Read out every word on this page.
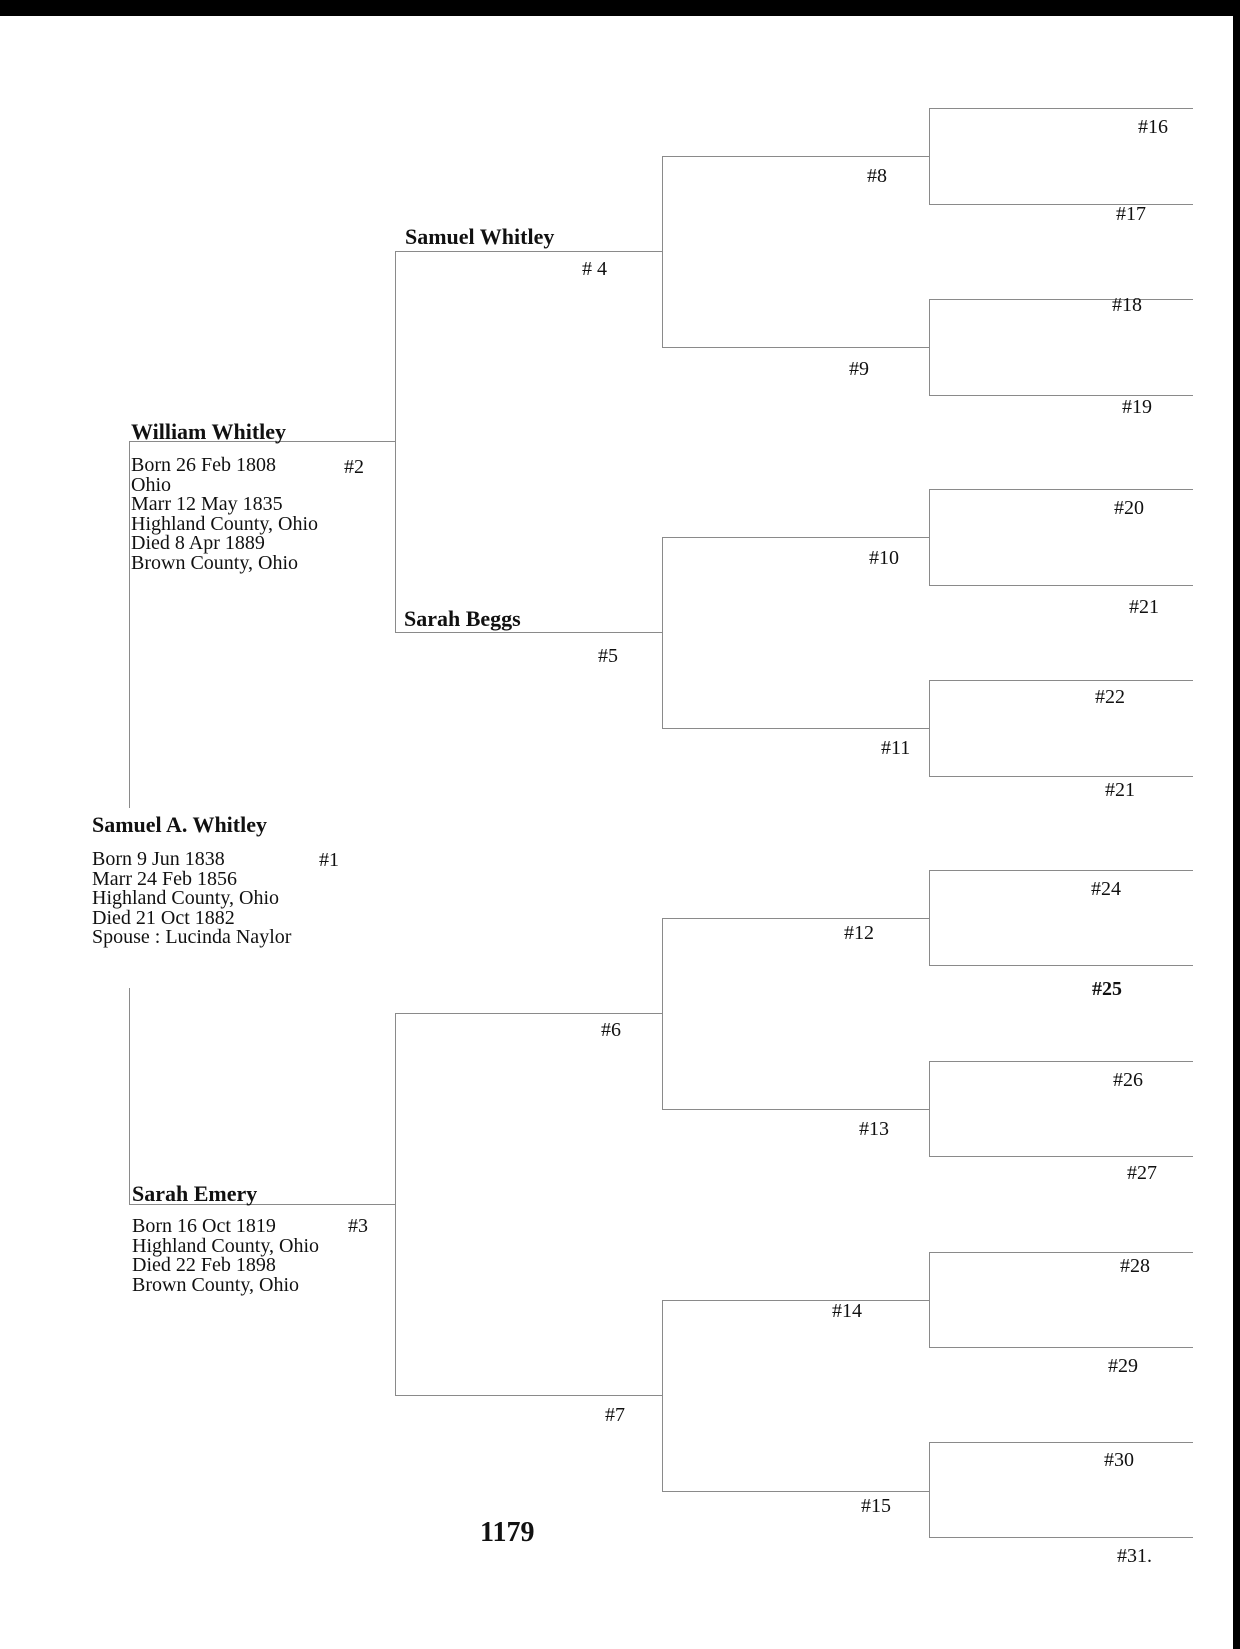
Samuel A. Whitley
Born 9 Jun 1838
Marr 24 Feb 1856
Highland County, Ohio
Died 21 Oct 1882
Spouse : Lucinda Naylor
#1
William Whitley
Born 26 Feb 1808
Ohio
Marr 12 May 1835
Highland County, Ohio
Died 8 Apr 1889
Brown County, Ohio
#2
Sarah Emery
Born 16 Oct 1819
Highland County, Ohio
Died 22 Feb 1898
Brown County, Ohio
#3
Samuel Whitley
# 4
Sarah Beggs
#5
#6
#7
#8
#9
#10
#11
#12
#13
#14
#15
#16
#17
#18
#19
#20
#21
#22
#21
#24
#25
#26
#27
#28
#29
#30
#31.
1179
